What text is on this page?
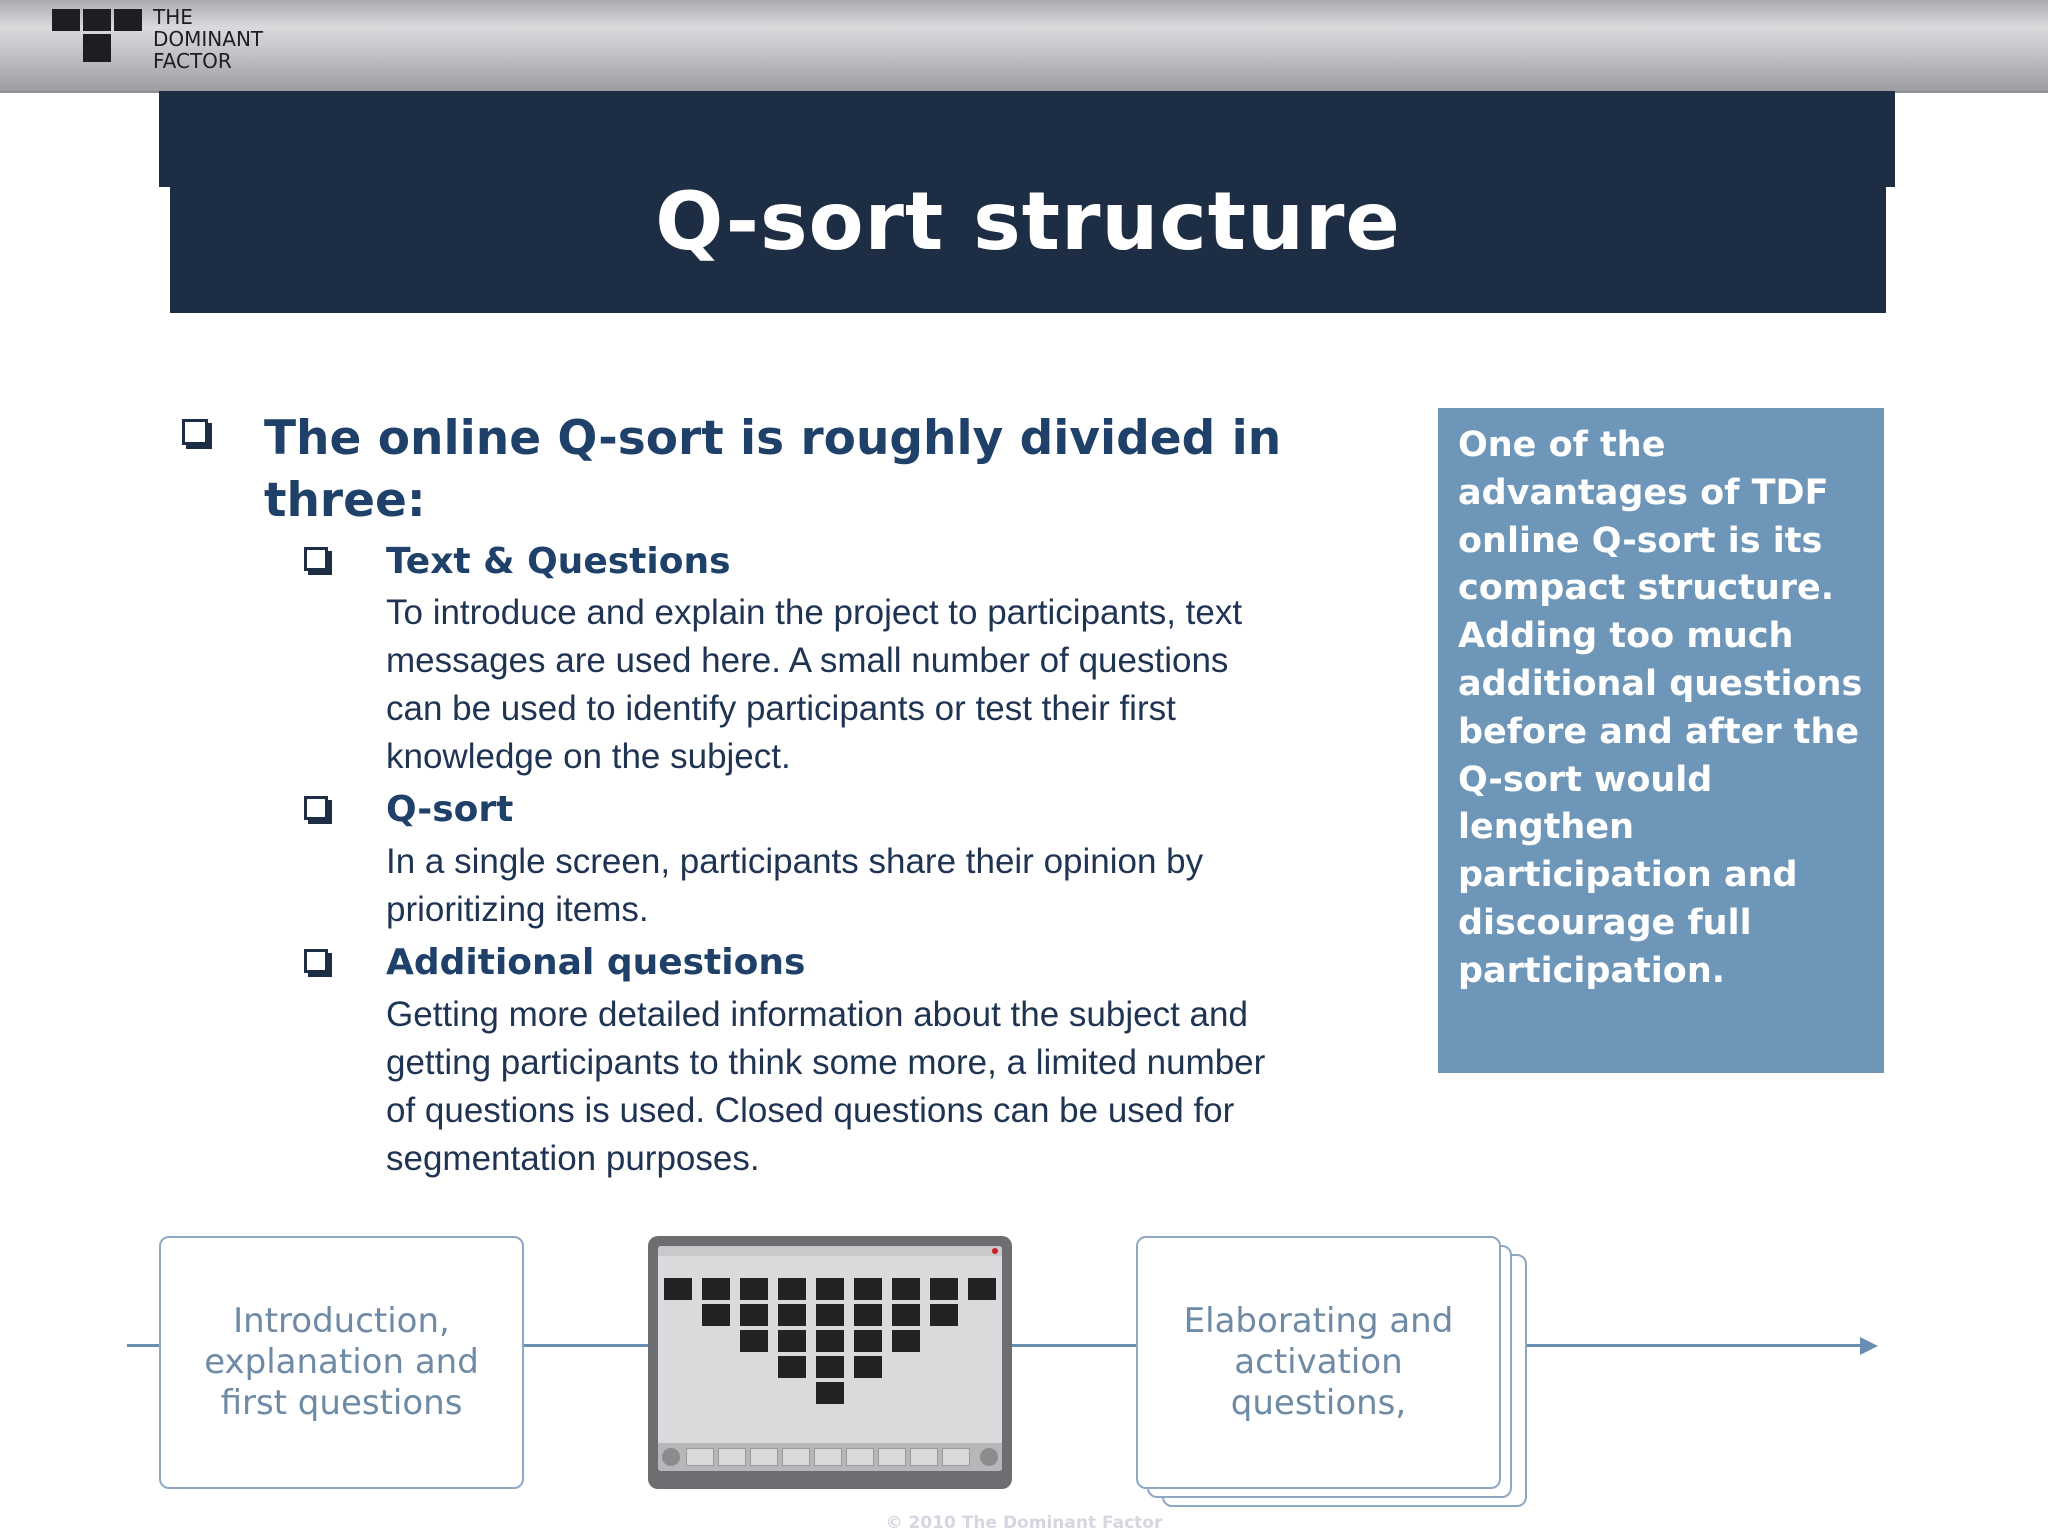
THE
DOMINANT
FACTOR
Q-sort structure
The online Q-sort is roughly divided in three:
Text & Questions
To introduce and explain the project to participants, text messages are used here. A small number of questions can be used to identify participants or test their first knowledge on the subject.
Q-sort
In a single screen, participants share their opinion by prioritizing items.
Additional questions
Getting more detailed information about the subject and getting participants to think some more, a limited number of questions is used. Closed questions can be used for segmentation purposes.
One of the advantages of TDF online Q-sort is its compact structure. Adding too much additional questions before and after the Q-sort would lengthen participation and discourage full participation.
Introduction, explanation and first questions
Elaborating and activation questions,
© 2010 The Dominant Factor
